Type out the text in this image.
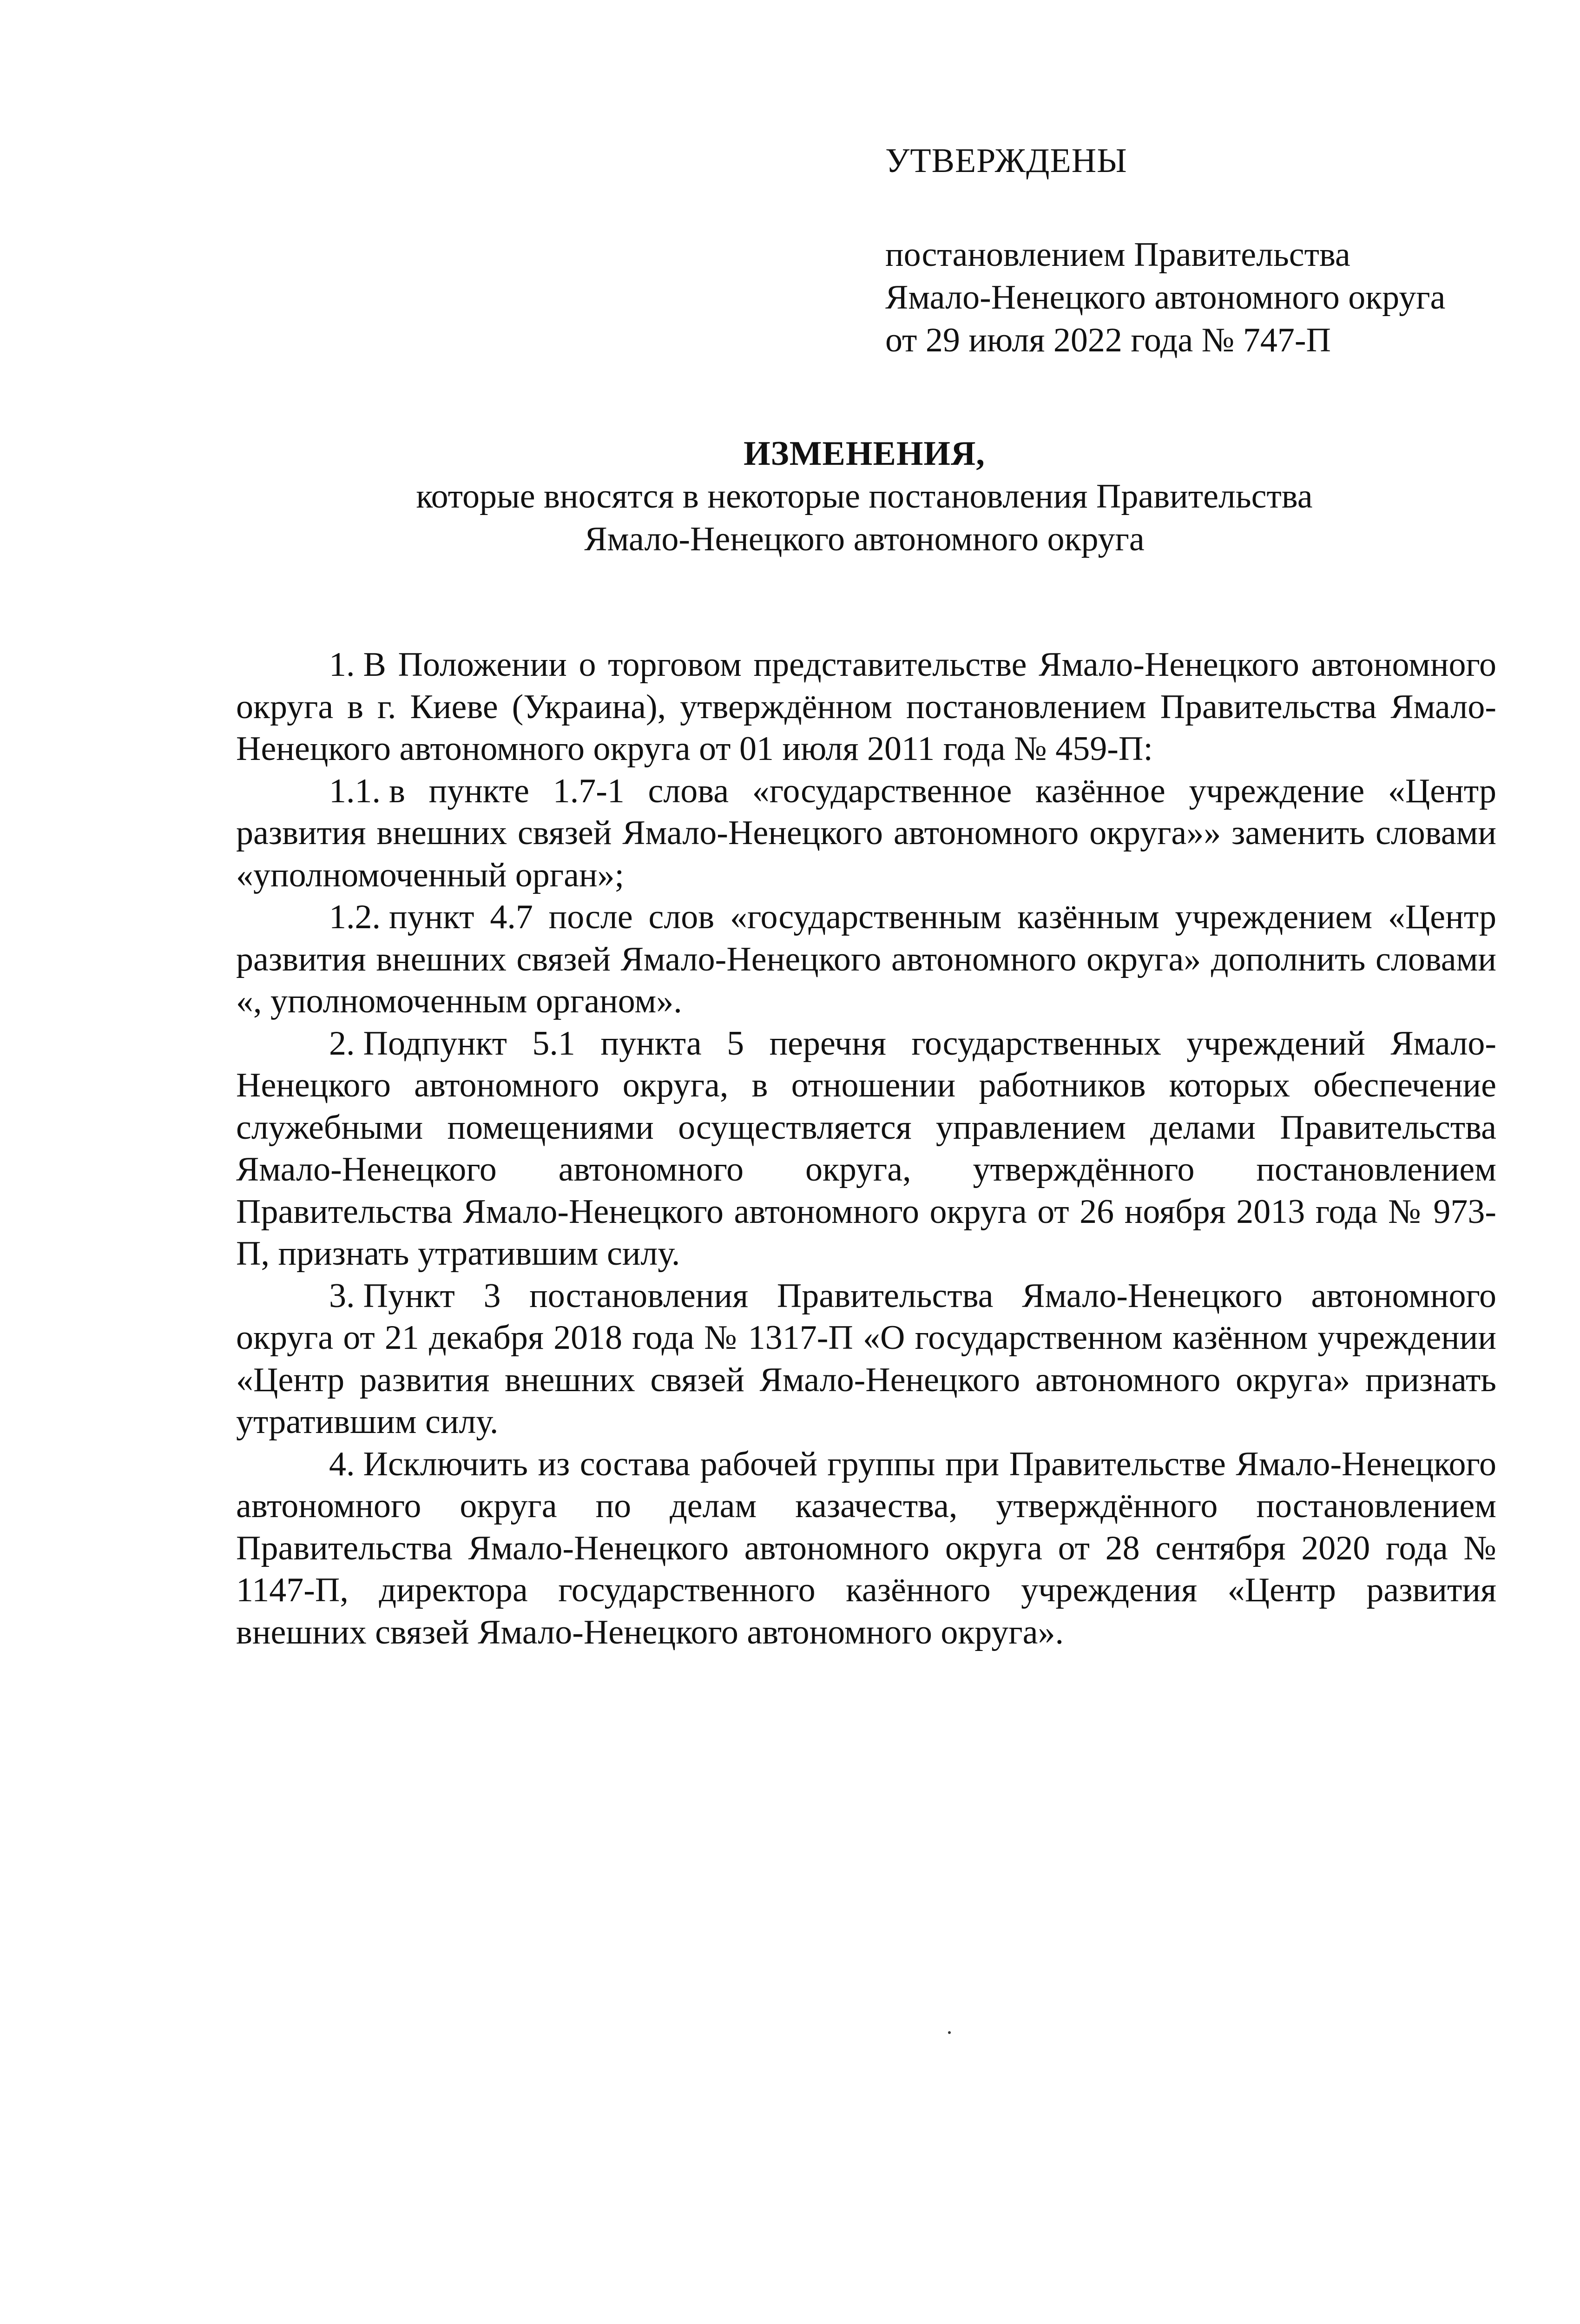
УТВЕРЖДЕНЫ
постановлением Правительства
Ямало-Ненецкого автономного округа
от 29 июля 2022 года № 747-П
ИЗМЕНЕНИЯ,
которые вносятся в некоторые постановления Правительства
Ямало-Ненецкого автономного округа

1. В Положении о торговом представительстве Ямало-Ненецкого автономного округа в г. Киеве (Украина), утверждённом постановлением Правительства Ямало-Ненецкого автономного округа от 01 июля 2011 года № 459-П:

1.1. в пункте 1.7-1 слова «государственное казённое учреждение «Центр развития внешних связей Ямало-Ненецкого автономного округа»» заменить словами «уполномоченный орган»;

1.2. пункт 4.7 после слов «государственным казённым учреждением «Центр развития внешних связей Ямало-Ненецкого автономного округа» дополнить словами «, уполномоченным органом».

2. Подпункт 5.1 пункта 5 перечня государственных учреждений Ямало-Ненецкого автономного округа, в отношении работников которых обеспечение служебными помещениями осуществляется управлением делами Правительства Ямало-Ненецкого автономного округа, утверждённого постановлением Правительства Ямало-Ненецкого автономного округа от 26 ноября 2013 года № 973-П, признать утратившим силу.

3. Пункт 3 постановления Правительства Ямало-Ненецкого автономного округа от 21 декабря 2018 года № 1317-П «О государственном казённом учреждении «Центр развития внешних связей Ямало-Ненецкого автономного округа» признать утратившим силу.

4. Исключить из состава рабочей группы при Правительстве Ямало-Ненецкого автономного округа по делам казачества, утверждённого постановлением Правительства Ямало-Ненецкого автономного округа от 28 сентября 2020 года № 1147-П, директора государственного казённого учреждения «Центр развития внешних связей Ямало-Ненецкого автономного округа».
